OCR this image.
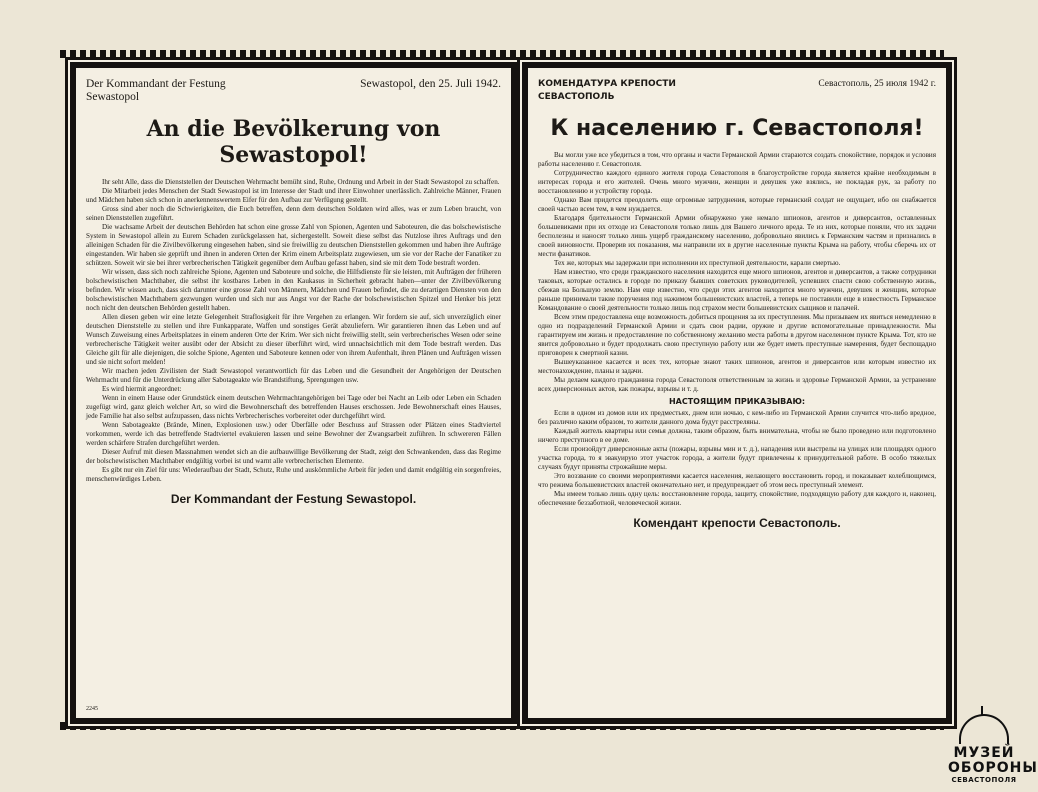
Der Kommandant der Festung Sewastopol
Sewastopol, den 25. Juli 1942.
An die Bevölkerung von Sewastopol!

Ihr seht Alle, dass die Dienststellen der Deutschen Wehrmacht bemüht sind, Ruhe, Ordnung und Arbeit in der Stadt Sewastopol zu schaffen.

Die Mitarbeit jedes Menschen der Stadt Sewastopol ist im Interesse der Stadt und ihrer Einwohner unerlässlich. Zahlreiche Männer, Frauen und Mädchen haben sich schon in anerkennenswertem Eifer für den Aufbau zur Verfügung gestellt.

Gross sind aber noch die Schwierigkeiten, die Euch betreffen, denn dem deutschen Soldaten wird alles, was er zum Leben braucht, von seinen Dienststellen zugeführt.

Die wachsame Arbeit der deutschen Behörden hat schon eine grosse Zahl von Spionen, Agenten und Saboteuren, die das bolschewistische System in Sewastopol allein zu Eurem Schaden zurückgelassen hat, sichergestellt. Soweit diese selbst das Nutzlose ihres Auftrags und den alleinigen Schaden für die Zivilbevölkerung eingesehen haben, sind sie freiwillig zu deutschen Dienststellen gekommen und haben ihre Aufträge eingestanden. Wir haben sie geprüft und ihnen in anderen Orten der Krim einem Arbeitsplatz zugewiesen, um sie vor der Rache der Fanatiker zu schützen. Soweit wir sie bei ihrer verbrecherischen Tätigkeit gegenüber dem Aufbau gefasst haben, sind sie mit dem Tode bestraft worden.

Wir wissen, dass sich noch zahlreiche Spione, Agenten und Saboteure und solche, die Hilfsdienste für sie leisten, mit Aufträgen der früheren bolschewistischen Machthaber, die selbst ihr kostbares Leben in den Kaukasus in Sicherheit gebracht haben—unter der Zivilbevölkerung befinden. Wir wissen auch, dass sich darunter eine grosse Zahl von Männern, Mädchen und Frauen befindet, die zu derartigen Diensten von den bolschewistischen Machthabern gezwungen wurden und sich nur aus Angst vor der Rache der bolschewistischen Spitzel und Henker bis jetzt noch nicht den deutschen Behörden gestellt haben.

Allen diesen geben wir eine letzte Gelegenheit Straflosigkeit für ihre Vergehen zu erlangen. Wir fordern sie auf, sich unverzüglich einer deutschen Dienststelle zu stellen und ihre Funkapparate, Waffen und sonstiges Gerät abzuliefern. Wir garantieren ihnen das Leben und auf Wunsch Zuweisung eines Arbeitsplatzes in einem anderen Orte der Krim. Wer sich nicht freiwillig stellt, sein verbrecherisches Wesen oder seine verbrecherische Tätigkeit weiter ausübt oder der Absicht zu dieser überführt wird, wird unnachsichtlich mit dem Tode bestraft werden. Das Gleiche gilt für alle diejenigen, die solche Spione, Agenten und Saboteure kennen oder von ihrem Aufenthalt, ihren Plänen und Aufträgen wissen und sie nicht sofort melden!

Wir machen jeden Zivilisten der Stadt Sewastopol verantwortlich für das Leben und die Gesundheit der Angehörigen der Deutschen Wehrmacht und für die Unterdrückung aller Sabotageakte wie Brandstiftung, Sprengungen usw.

Es wird hiermit angeordnet:

Wenn in einem Hause oder Grundstück einem deutschen Wehrmachtangehörigen bei Tage oder bei Nacht an Leib oder Leben ein Schaden zugefügt wird, ganz gleich welcher Art, so wird die Bewohnerschaft des betreffenden Hauses erschossen. Jede Bewohnerschaft eines Hauses, jede Familie hat also selbst aufzupassen, dass nichts Verbrecherisches vorbereitet oder durchgeführt wird.

Wenn Sabotageakte (Brände, Minen, Explosionen usw.) oder Überfälle oder Beschuss auf Strassen oder Plätzen eines Stadtviertel vorkommen, werde ich das betreffende Stadtviertel evakuieren lassen und seine Bewohner der Zwangsarbeit zuführen. In schwereren Fällen werden schärfere Strafen durchgeführt werden.

Dieser Aufruf mit diesen Massnahmen wendet sich an die aufbauwillige Bevölkerung der Stadt, zeigt den Schwankenden, dass das Regime der bolschewistischen Machthaber endgültig vorbei ist und warnt alle verbrecherischen Elemente.

Es gibt nur ein Ziel für uns: Wiederaufbau der Stadt, Schutz, Ruhe und auskömmliche Arbeit für jeden und damit endgültig ein sorgenfreies, menschenwürdiges Leben.

Der Kommandant der Festung Sewastopol.
2245
КОМЕНДАТУРА КРЕПОСТИ СЕВАСТОПОЛЬ
Севастополь, 25 июля 1942 г.
К населению г. Севастополя!

Вы могли уже все убедиться в том, что органы и части Германской Армии стараются создать спокойствие, порядок и условия работы населению г. Севастополя.

Сотрудничество каждого единого жителя города Севастополя в благоустройстве города является крайне необходимым в интересах города и его жителей. Очень много мужчин, женщин и девушек уже взялись, не покладая рук, за работу по восстановлению и устройству города.

Однако Вам придется преодолеть еще огромные затруднения, которые германский солдат не ощущает, ибо он снабжается своей частью всем тем, в чем нуждается.

Благодаря бдительности Германской Армии обнаружено уже немало шпионов, агентов и диверсантов, оставленных большевиками при их отходе из Севастополя только лишь для Вашего личного вреда. Те из них, которые поняли, что их задачи бесполезны и наносят только лишь ущерб гражданскому населению, добровольно явились к Германским частям и признались в своей виновности. Проверив их показания, мы направили их в другие населенные пункты Крыма на работу, чтобы сберечь их от мести фанатиков.

Тех же, которых мы задержали при исполнении их преступной деятельности, карали смертью.

Нам известно, что среди гражданского населения находится еще много шпионов, агентов и диверсантов, а также сотрудники таковых, которые остались в городе по приказу бывших советских руководителей, успевших спасти свою собственную жизнь, сбежав на Большую землю. Нам еще известно, что среди этих агентов находится много мужчин, девушек и женщин, которые раньше принимали такие поручения под нажимом большевистских властей, а теперь не поставили еще в известность Германское Командование о своей деятельности только лишь под страхом мести большевистских сыщиков и палачей.

Всем этим предоставлена еще возможность добиться прощения за их преступления. Мы призываем их явиться немедленно в одно из подразделений Германской Армии и сдать свои радии, оружие и другие вспомогательные принадлежности. Мы гарантируем им жизнь и предоставление по собственному желанию места работы в другом населенном пункте Крыма. Тот, кто не явится добровольно и будет продолжать свою преступную работу или же будет иметь преступные намерения, будет беспощадно приговорен к смертной казни.

Вышеуказанное касается и всех тех, которые знают таких шпионов, агентов и диверсантов или которым известно их местонахождение, планы и задачи.

Мы делаем каждого гражданина города Севастополя ответственным за жизнь и здоровье Германской Армии, за устранение всех диверсионных актов, как пожары, взрывы и т. д.

НАСТОЯЩИМ ПРИКАЗЫВАЮ:

Если в одном из домов или их предместьях, днем или ночью, с кем-либо из Германской Армии случится что-либо вредное, без различно каким образом, то жители данного дома будут расстреляны.

Каждый житель квартиры или семья должна, таким образом, быть внимательна, чтобы не было проведено или подготовлено ничего преступного в ее доме.

Если произойдут диверсионные акты (пожары, взрывы мин и т. д.), нападения или выстрелы на улицах или площадях одного участка города, то я эвакуирую этот участок города, а жители будут привлечены к принудительной работе. В особо тяжелых случаях будут приняты строжайшие меры.

Это воззвание со своими мероприятиями касается населения, желающего восстановить город, и показывает колеблющимся, что режима большевистских властей окончательно нет, и предупреждает об этом весь преступный элемент.

Мы имеем только лишь одну цель: восстановление города, защиту, спокойствие, подходящую работу для каждого и, наконец, обеспечение беззаботной, человеческой жизни.

Комендант крепости Севастополь.
МУЗЕЙ
ОБОРОНЫ
СЕВАСТОПОЛЯ
